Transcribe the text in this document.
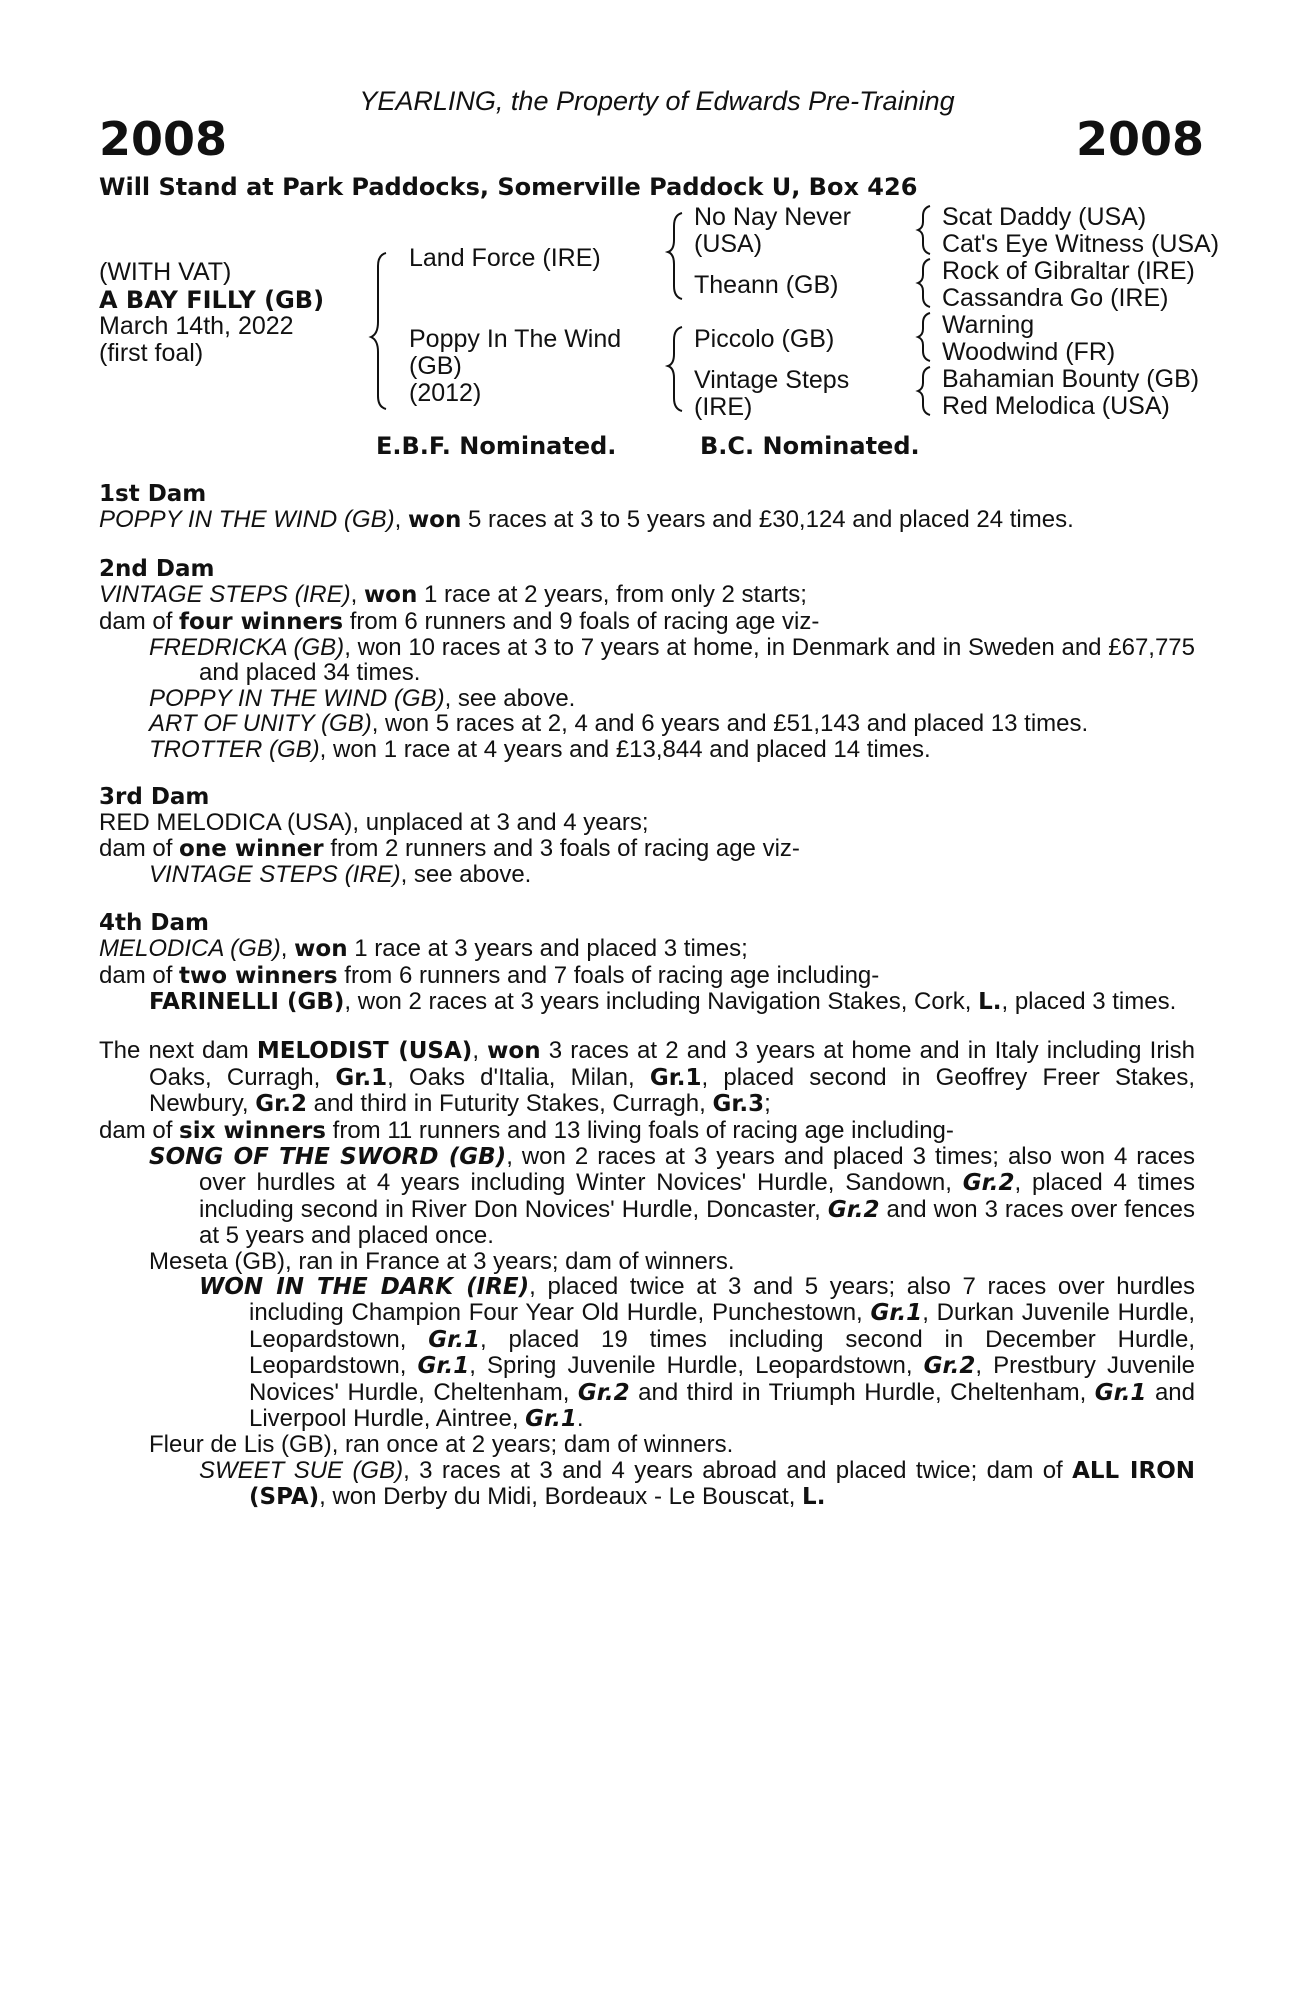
YEARLING, the Property of Edwards Pre-Training
2008	2008
Will Stand at Park Paddocks, Somerville Paddock U, Box 426
(WITH VAT)
A BAY FILLY (GB)
March 14th, 2022
(first foal)
Land Force (IRE)
Poppy In The Wind
(GB)
(2012)
No Nay Never
(USA)
Theann (GB)
Piccolo (GB)
Vintage Steps
(IRE)
Scat Daddy (USA)
Cat's Eye Witness (USA)
Rock of Gibraltar (IRE)
Cassandra Go (IRE)
Warning
Woodwind (FR)
Bahamian Bounty (GB)
Red Melodica (USA)
E.B.F. Nominated.	B.C. Nominated.
1st Dam
POPPY IN THE WIND (GB), won 5 races at 3 to 5 years and £30,124 and placed 24 times.
2nd Dam
VINTAGE STEPS (IRE), won 1 race at 2 years, from only 2 starts;
dam of four winners from 6 runners and 9 foals of racing age viz-
FREDRICKA (GB), won 10 races at 3 to 7 years at home, in Denmark and in Sweden and £67,775 and placed 34 times.
POPPY IN THE WIND (GB), see above.
ART OF UNITY (GB), won 5 races at 2, 4 and 6 years and £51,143 and placed 13 times.
TROTTER (GB), won 1 race at 4 years and £13,844 and placed 14 times.
3rd Dam
RED MELODICA (USA), unplaced at 3 and 4 years;
dam of one winner from 2 runners and 3 foals of racing age viz-
VINTAGE STEPS (IRE), see above.
4th Dam
MELODICA (GB), won 1 race at 3 years and placed 3 times;
dam of two winners from 6 runners and 7 foals of racing age including-
FARINELLI (GB), won 2 races at 3 years including Navigation Stakes, Cork, L., placed 3 times.
The next dam MELODIST (USA), won 3 races at 2 and 3 years at home and in Italy including Irish Oaks, Curragh, Gr.1, Oaks d'Italia, Milan, Gr.1, placed second in Geoffrey Freer Stakes, Newbury, Gr.2 and third in Futurity Stakes, Curragh, Gr.3;
dam of six winners from 11 runners and 13 living foals of racing age including-
SONG OF THE SWORD (GB), won 2 races at 3 years and placed 3 times; also won 4 races over hurdles at 4 years including Winter Novices' Hurdle, Sandown, Gr.2, placed 4 times including second in River Don Novices' Hurdle, Doncaster, Gr.2 and won 3 races over fences at 5 years and placed once.
Meseta (GB), ran in France at 3 years; dam of winners.
WON IN THE DARK (IRE), placed twice at 3 and 5 years; also 7 races over hurdles including Champion Four Year Old Hurdle, Punchestown, Gr.1, Durkan Juvenile Hurdle, Leopardstown, Gr.1, placed 19 times including second in December Hurdle, Leopardstown, Gr.1, Spring Juvenile Hurdle, Leopardstown, Gr.2, Prestbury Juvenile Novices' Hurdle, Cheltenham, Gr.2 and third in Triumph Hurdle, Cheltenham, Gr.1 and Liverpool Hurdle, Aintree, Gr.1.
Fleur de Lis (GB), ran once at 2 years; dam of winners.
SWEET SUE (GB), 3 races at 3 and 4 years abroad and placed twice; dam of ALL IRON (SPA), won Derby du Midi, Bordeaux - Le Bouscat, L.
